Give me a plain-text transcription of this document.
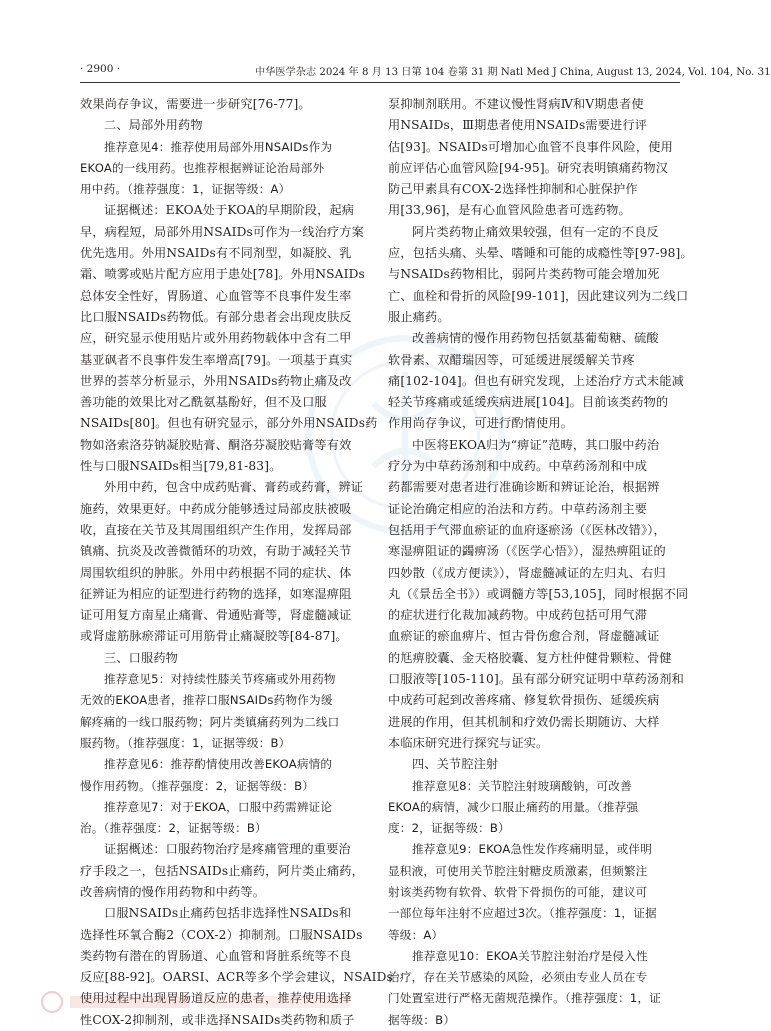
· 2900 ·	中华医学杂志 2024 年 8 月 13 日第 104 卷第 31 期 Natl Med J China, August 13, 2024, Vol. 104, No. 31
效果尚存争议，需要进一步研究[76-77]。
二、局部外用药物
推荐意见4：推荐使用局部外用NSAIDs作为
EKOA的一线用药。也推荐根据辨证论治局部外
用中药。（推荐强度：1，证据等级：A）
证据概述：EKOA处于KOA的早期阶段，起病
早，病程短，局部外用NSAIDs可作为一线治疗方案
优先选用。外用NSAIDs有不同剂型，如凝胶、乳
霜、喷雾或贴片配方应用于患处[78]。外用NSAIDs
总体安全性好，胃肠道、心血管等不良事件发生率
比口服NSAIDs药物低。有部分患者会出现皮肤反
应，研究显示使用贴片或外用药物载体中含有二甲
基亚砜者不良事件发生率增高[79]。一项基于真实
世界的荟萃分析显示，外用NSAIDs药物止痛及改
善功能的效果比对乙酰氨基酚好，但不及口服
NSAIDs[80]。但也有研究显示，部分外用NSAIDs药
物如洛索洛芬钠凝胶贴膏、酮洛芬凝胶贴膏等有效
性与口服NSAIDs相当[79,81-83]。
外用中药，包含中成药贴膏、膏药或药膏，辨证
施药，效果更好。中药成分能够透过局部皮肤被吸
收，直接在关节及其周围组织产生作用，发挥局部
镇痛、抗炎及改善微循环的功效，有助于减轻关节
周围软组织的肿胀。外用中药根据不同的症状、体
征辨证为相应的证型进行药物的选择，如寒湿痹阻
证可用复方南星止痛膏、骨通贴膏等，肾虚髓减证
或肾虚筋脉瘀滞证可用筋骨止痛凝胶等[84-87]。
三、口服药物
推荐意见5：对持续性膝关节疼痛或外用药物
无效的EKOA患者，推荐口服NSAIDs药物作为缓
解疼痛的一线口服药物；阿片类镇痛药列为二线口
服药物。（推荐强度：1，证据等级：B）
推荐意见6：推荐酌情使用改善EKOA病情的
慢作用药物。（推荐强度：2，证据等级：B）
推荐意见7：对于EKOA，口服中药需辨证论
治。（推荐强度：2，证据等级：B）
证据概述：口服药物治疗是疼痛管理的重要治
疗手段之一，包括NSAIDs止痛药，阿片类止痛药，
改善病情的慢作用药物和中药等。
口服NSAIDs止痛药包括非选择性NSAIDs和
选择性环氧合酶2（COX-2）抑制剂。口服NSAIDs
类药物有潜在的胃肠道、心血管和肾脏系统等不良
反应[88-92]。OARSI、ACR等多个学会建议，NSAIDs
使用过程中出现胃肠道反应的患者，推荐使用选择
性COX-2抑制剂，或非选择NSAIDs类药物和质子
泵抑制剂联用。不建议慢性肾病Ⅳ和Ⅴ期患者使
用NSAIDs，Ⅲ期患者使用NSAIDs需要进行评
估[93]。NSAIDs可增加心血管不良事件风险，使用
前应评估心血管风险[94-95]。研究表明镇痛药物汉
防己甲素具有COX-2选择性抑制和心脏保护作
用[33,96]，是有心血管风险患者可选药物。
阿片类药物止痛效果较强，但有一定的不良反
应，包括头痛、头晕、嗜睡和可能的成瘾性等[97-98]。
与NSAIDs药物相比，弱阿片类药物可能会增加死
亡、血栓和骨折的风险[99-101]，因此建议列为二线口
服止痛药。
改善病情的慢作用药物包括氨基葡萄糖、硫酸
软骨素、双醋瑞因等，可延缓进展缓解关节疼
痛[102-104]。但也有研究发现，上述治疗方式未能减
轻关节疼痛或延缓疾病进展[104]。目前该类药物的
作用尚存争议，可进行酌情使用。
中医将EKOA归为“痹证”范畴，其口服中药治
疗分为中草药汤剂和中成药。中草药汤剂和中成
药都需要对患者进行准确诊断和辨证论治，根据辨
证论治确定相应的治法和方药。中草药汤剂主要
包括用于气滞血瘀证的血府逐瘀汤（《医林改错》），
寒湿痹阻证的蠲痹汤（《医学心悟》），湿热痹阻证的
四妙散（《成方便读》），肾虚髓减证的左归丸、右归
丸（《景岳全书》）或调髓方等[53,105]，同时根据不同
的症状进行化裁加减药物。中成药包括可用气滞
血瘀证的瘀血痹片、恒古骨伤愈合剂，肾虚髓减证
的尪痹胶囊、金天格胶囊、复方杜仲健骨颗粒、骨健
口服液等[105-110]。虽有部分研究证明中草药汤剂和
中成药可起到改善疼痛、修复软骨损伤、延缓疾病
进展的作用，但其机制和疗效仍需长期随访、大样
本临床研究进行探究与证实。
四、关节腔注射
推荐意见8：关节腔注射玻璃酸钠，可改善
EKOA的病情，减少口服止痛药的用量。（推荐强
度：2，证据等级：B）
推荐意见9：EKOA急性发作疼痛明显，或伴明
显积液，可使用关节腔注射糖皮质激素，但频繁注
射该类药物有软骨、软骨下骨损伤的可能，建议可
一部位每年注射不应超过3次。（推荐强度：1，证据
等级：A）
推荐意见10：EKOA关节腔注射治疗是侵入性
治疗，存在关节感染的风险，必须由专业人员在专
门处置室进行严格无菌规范操作。（推荐强度：1，证
据等级：B）
